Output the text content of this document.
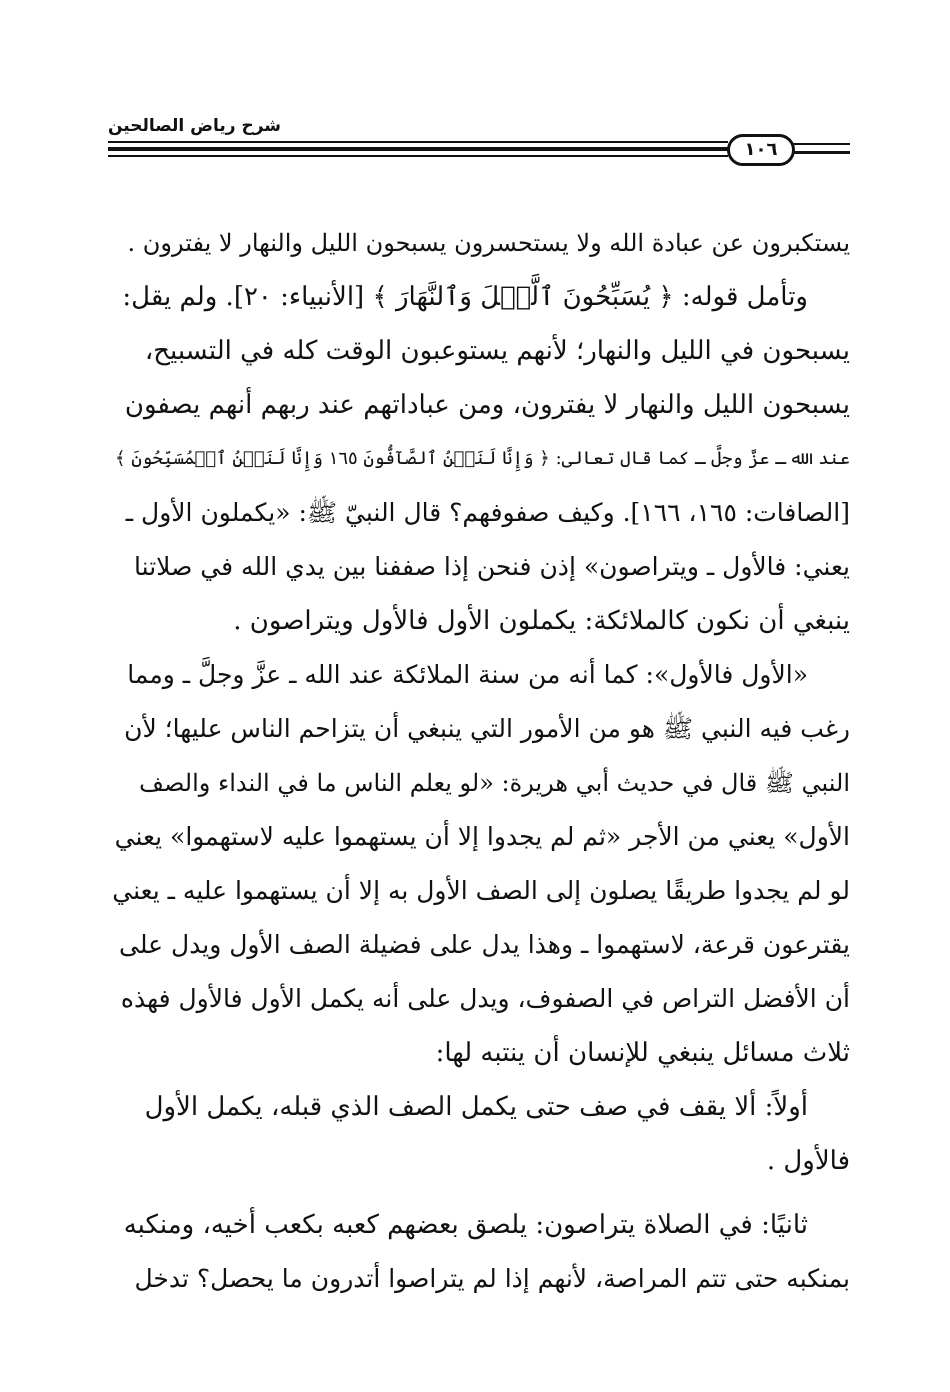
شرح رياض الصالحين
١٠٦
يستكبرون عن عبادة الله ولا يستحسرون يسبحون الليل والنهار لا يفترون .
وتأمل قوله: ﴿ يُسَبِّحُونَ ٱلَّيۡلَ وَٱلنَّهَارَ ﴾ [الأنبياء: ٢٠]. ولم يقل:
يسبحون في الليل والنهار؛ لأنهم يستوعبون الوقت كله في التسبيح،
يسبحون الليل والنهار لا يفترون، ومن عباداتهم عند ربهم أنهم يصفون
عند الله ـ عزَّ وجلَّ ـ كما قال تعالى: ﴿ وَإِنَّا لَنَحۡنُ ٱلصَّآفُّونَ ١٦٥ وَإِنَّا لَنَحۡنُ ٱلۡمُسَبِّحُونَ ﴾
[الصافات: ١٦٥، ١٦٦]. وكيف صفوفهم؟ قال النبيّ ﷺ: «يكملون الأول ـ
يعني: فالأول ـ ويتراصون» إذن فنحن إذا صففنا بين يدي الله في صلاتنا
ينبغي أن نكون كالملائكة: يكملون الأول فالأول ويتراصون .
«الأول فالأول»: كما أنه من سنة الملائكة عند الله ـ عزَّ وجلَّ ـ ومما
رغب فيه النبي ﷺ هو من الأمور التي ينبغي أن يتزاحم الناس عليها؛ لأن
النبي ﷺ قال في حديث أبي هريرة: «لو يعلم الناس ما في النداء والصف
الأول» يعني من الأجر «ثم لم يجدوا إلا أن يستهموا عليه لاستهموا» يعني
لو لم يجدوا طريقًا يصلون إلى الصف الأول به إلا أن يستهموا عليه ـ يعني
يقترعون قرعة، لاستهموا ـ وهذا يدل على فضيلة الصف الأول ويدل على
أن الأفضل التراص في الصفوف، ويدل على أنه يكمل الأول فالأول فهذه
ثلاث مسائل ينبغي للإنسان أن ينتبه لها:
أولاً: ألا يقف في صف حتى يكمل الصف الذي قبله، يكمل الأول
فالأول .
ثانيًا: في الصلاة يتراصون: يلصق بعضهم كعبه بكعب أخيه، ومنكبه
بمنكبه حتى تتم المراصة، لأنهم إذا لم يتراصوا أتدرون ما يحصل؟ تدخل
